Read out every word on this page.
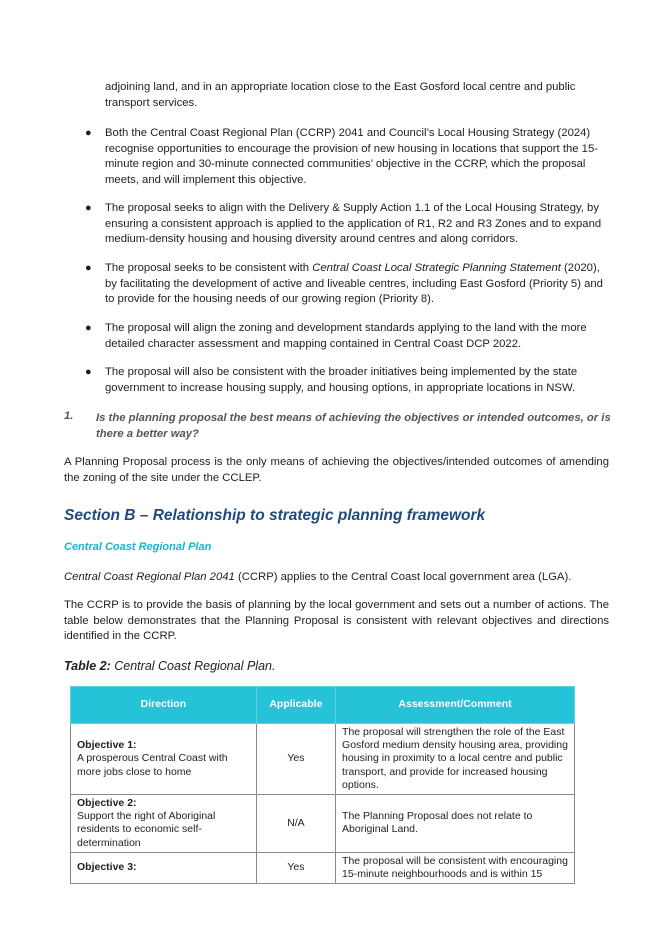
adjoining land, and in an appropriate location close to the East Gosford local centre and public transport services.

● Both the Central Coast Regional Plan (CCRP) 2041 and Council’s Local Housing Strategy (2024) recognise opportunities to encourage the provision of new housing in locations that support the 15-minute region and 30-minute connected communities’ objective in the CCRP, which the proposal meets, and will implement this objective.
● The proposal seeks to align with the Delivery & Supply Action 1.1 of the Local Housing Strategy, by ensuring a consistent approach is applied to the application of R1, R2 and R3 Zones and to expand medium-density housing and housing diversity around centres and along corridors.
● The proposal seeks to be consistent with Central Coast Local Strategic Planning Statement (2020), by facilitating the development of active and liveable centres, including East Gosford (Priority 5) and to provide for the housing needs of our growing region (Priority 8).
● The proposal will align the zoning and development standards applying to the land with the more detailed character assessment and mapping contained in Central Coast DCP 2022.
● The proposal will also be consistent with the broader initiatives being implemented by the state government to increase housing supply, and housing options, in appropriate locations in NSW.
1. Is the planning proposal the best means of achieving the objectives or intended outcomes, or is there a better way?

A Planning Proposal process is the only means of achieving the objectives/intended outcomes of amending the zoning of the site under the CCLEP.

Section B – Relationship to strategic planning framework
Central Coast Regional Plan

Central Coast Regional Plan 2041 (CCRP) applies to the Central Coast local government area (LGA).

The CCRP is to provide the basis of planning by the local government and sets out a number of actions. The table below demonstrates that the Planning Proposal is consistent with relevant objectives and directions identified in the CCRP.

Table 2: Central Coast Regional Plan.

Direction	Applicable	Assessment/Comment

Objective 1:
A prosperous Central Coast with more jobs close to home	Yes	The proposal will strengthen the role of the East Gosford medium density housing area, providing housing in proximity to a local centre and public transport, and provide for increased housing options.

Objective 2:
Support the right of Aboriginal residents to economic self-determination	N/A	The Planning Proposal does not relate to Aboriginal Land.

Objective 3:	Yes	The proposal will be consistent with encouraging 15-minute neighbourhoods and is within 15
